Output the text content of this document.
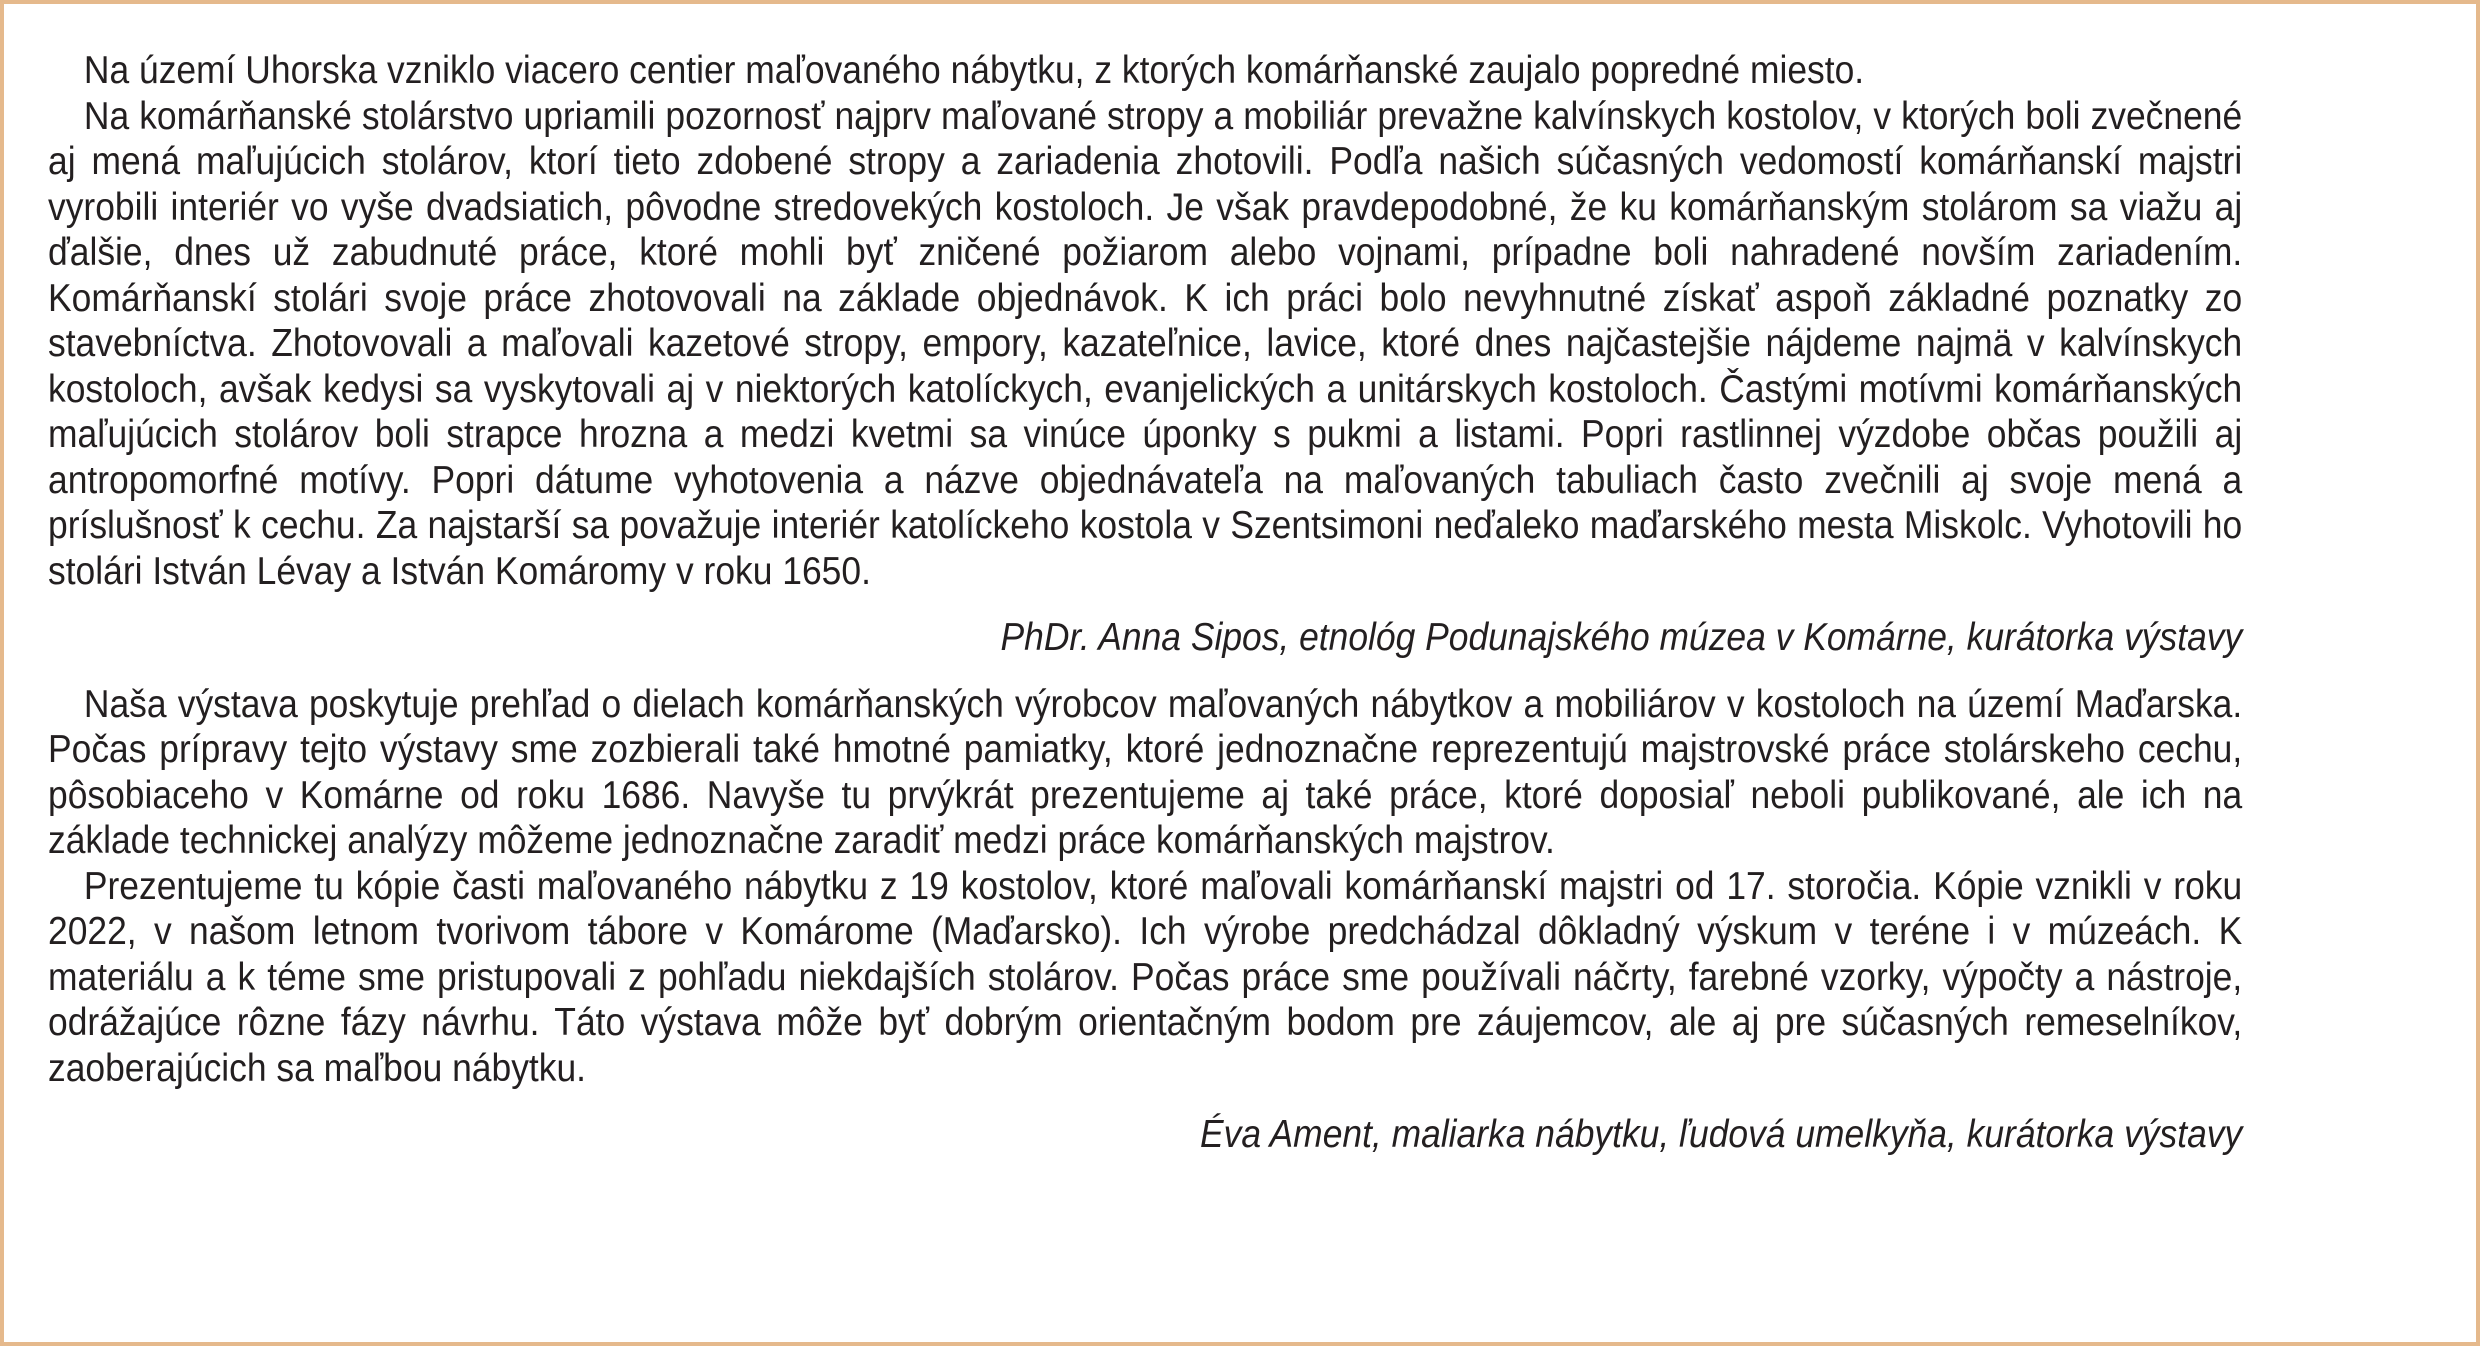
Na území Uhorska vzniklo viacero centier maľovaného nábytku, z ktorých komárňanské zaujalo popredné miesto.

Na komárňanské stolárstvo upriamili pozornosť najprv maľované stropy a mobiliár prevažne kalvínskych kostolov, v ktorých boli zvečnené aj mená maľujúcich stolárov, ktorí tieto zdobené stropy a zariadenia zhotovili. Podľa našich súčasných vedomostí komárňanskí majstri vyrobili interiér vo vyše dvadsiatich, pôvodne stredovekých kostoloch. Je však pravdepodobné, že ku komárňanským stolárom sa viažu aj ďalšie, dnes už zabudnuté práce, ktoré mohli byť zničené požiarom alebo vojnami, prípadne boli nahradené novším zariadením. Komárňanskí stolári svoje práce zhotovovali na základe objednávok. K ich práci bolo nevyhnutné získať aspoň základné poznatky zo stavebníctva. Zhotovovali a maľovali kazetové stropy, empory, kazateľnice, lavice, ktoré dnes najčastejšie nájdeme najmä v kalvínskych kostoloch, avšak kedysi sa vyskytovali aj v niektorých katolíckych, evanjelických a unitárskych kostoloch. Častými motívmi komárňanských maľujúcich stolárov boli strapce hrozna a medzi kvetmi sa vinúce úponky s pukmi a listami. Popri rastlinnej výzdobe občas použili aj antropomorfné motívy. Popri dátume vyhotovenia a názve objednávateľa na maľovaných tabuliach často zvečnili aj svoje mená a príslušnosť k cechu. Za najstarší sa považuje interiér katolíckeho kostola v Szentsimoni neďaleko maďarského mesta Miskolc. Vyhotovili ho stolári István Lévay a István Komáromy v roku 1650.

PhDr. Anna Sipos, etnológ Podunajského múzea v Komárne, kurátorka výstavy

Naša výstava poskytuje prehľad o dielach komárňanských výrobcov maľovaných nábytkov a mobiliárov v kostoloch na území Maďarska. Počas prípravy tejto výstavy sme zozbierali také hmotné pamiatky, ktoré jednoznačne reprezentujú majstrovské práce stolárskeho cechu, pôsobiaceho v Komárne od roku 1686. Navyše tu prvýkrát prezentujeme aj také práce, ktoré doposiaľ neboli publikované, ale ich na základe technickej analýzy môžeme jednoznačne zaradiť medzi práce komárňanských majstrov.

Prezentujeme tu kópie časti maľovaného nábytku z 19 kostolov, ktoré maľovali komárňanskí majstri od 17. storočia. Kópie vznikli v roku 2022, v našom letnom tvorivom tábore v Komárome (Maďarsko). Ich výrobe predchádzal dôkladný výskum v teréne i v múzeách. K materiálu a k téme sme pristupovali z pohľadu niekdajších stolárov. Počas práce sme používali náčrty, farebné vzorky, výpočty a nástroje, odrážajúce rôzne fázy návrhu. Táto výstava môže byť dobrým orientačným bodom pre záujemcov, ale aj pre súčasných remeselníkov, zaoberajúcich sa maľbou nábytku.

Éva Ament, maliarka nábytku, ľudová umelkyňa, kurátorka výstavy
